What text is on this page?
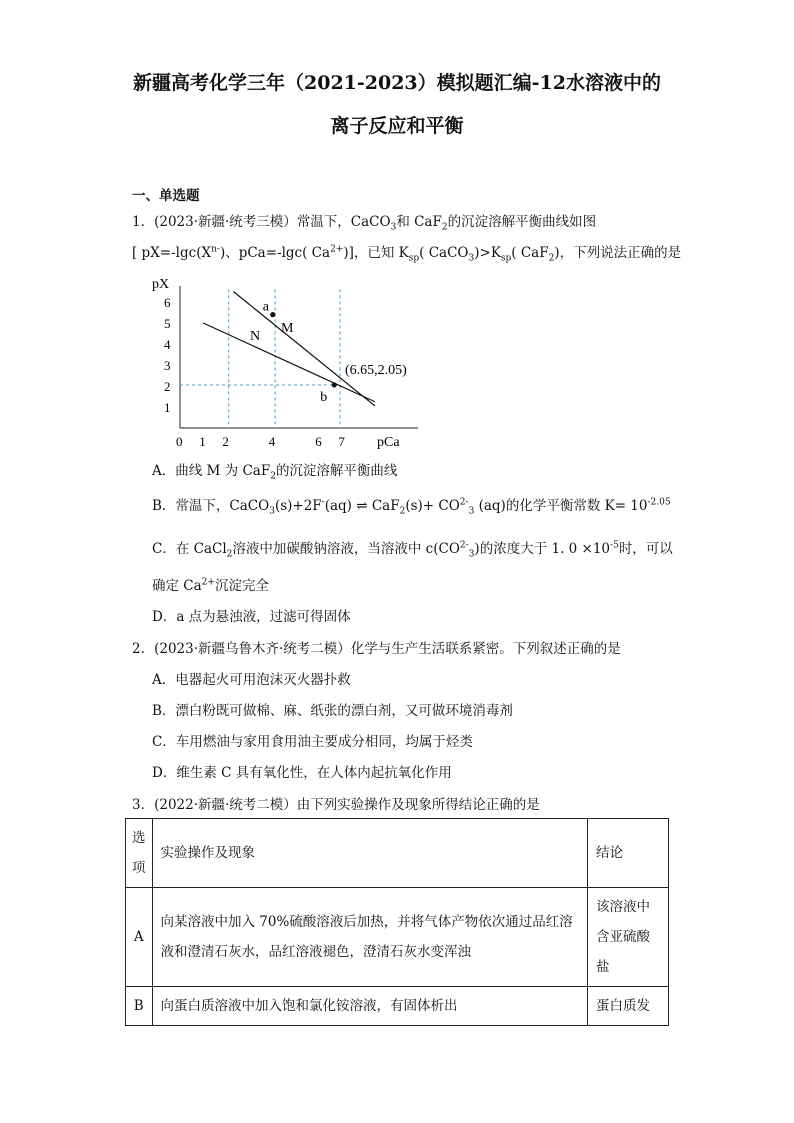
新疆高考化学三年（2021-2023）模拟题汇编-12水溶液中的
离子反应和平衡
一、单选题
1．(2023·新疆·统考三模）常温下，CaCO$_3$和 CaF$_2$的沉淀溶解平衡曲线如图
[ $pX=-\lg c(X^{n-})$、pCa=-lgc( $Ca^{2+}$)]，已知 $K_{sp}$( $CaCO_3)>K_{sp}$( CaF$_2$)，下列说法正确的是
pX
pCa
0 1 2	4	6 7
1
2
3
4
5
6	a
b
(6.65,2.05)
M
N
A．曲线 M 为 CaF$_2$的沉淀溶解平衡曲线
B．常温下，CaCO$_3$(s)+2F-(aq) ⇌ $CaF_2(s)+ CO^{2-}_3$ (aq)的化学平衡常数 $K= 10^{-2.05}$
C．在 CaCl$_2$溶液中加碳酸钠溶液，当溶液中 $c(CO^{2-}_3)$的浓度大于 1. $0 \times 10^{-5}$时，可以
确定 $Ca^{2+}$沉淀完全
D．a 点为悬浊液，过滤可得固体
2．(2023·新疆乌鲁木齐·统考二模）化学与生产生活联系紧密。下列叙述正确的是
A．电器起火可用泡沫灭火器扑救
B．漂白粉既可做棉、麻、纸张的漂白剂，又可做环境消毒剂
C．车用燃油与家用食用油主要成分相同，均属于烃类
D．维生素 C 具有氧化性，在人体内起抗氧化作用
3．(2022·新疆·统考二模）由下列实验操作及现象所得结论正确的是
选项	实验操作及现象	结论
A	向某溶液中加入 70%硫酸溶液后加热，并将气体产物依次通过品红溶液和澄清石灰水，品红溶液褪色，澄清石灰水变浑浊	该溶液中含亚硫酸盐
B	向蛋白质溶液中加入饱和氯化铵溶液，有固体析出	蛋白质发
